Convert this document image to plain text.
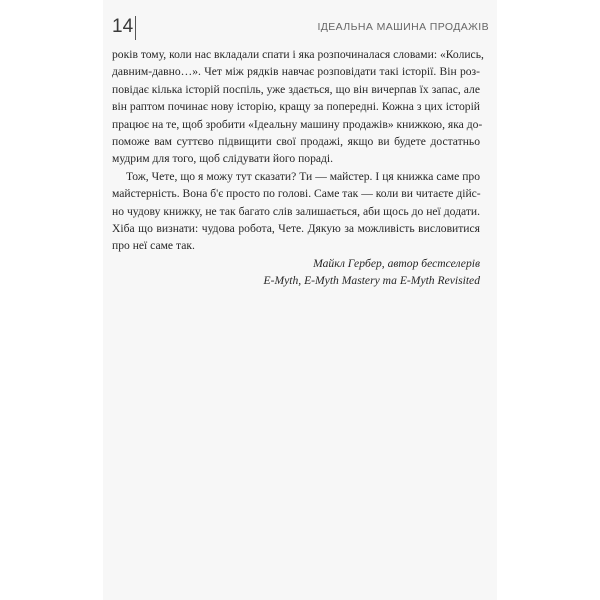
14	ІДЕАЛЬНА МАШИНА ПРОДАЖІВ
років тому, коли нас вкладали спати і яка розпочиналася словами: «Колись,
давним-давно…». Чет між рядків навчає розповідати такі історії. Він роз-
повідає кілька історій поспіль, уже здається, що він вичерпав їх запас, але
він раптом починає нову історію, кращу за попередні. Кожна з цих історій
працює на те, щоб зробити «Ідеальну машину продажів» книжкою, яка до-
поможе вам суттєво підвищити свої продажі, якщо ви будете достатньо
мудрим для того, щоб слідувати його пораді.
Тож, Чете, що я можу тут сказати? Ти — майстер. І ця книжка саме про
майстерність. Вона б'є просто по голові. Саме так — коли ви читаєте дійс-
но чудову книжку, не так багато слів залишається, аби щось до неї додати.
Хіба що визнати: чудова робота, Чете. Дякую за можливість висловитися
про неї саме так.
Майкл Гербер, автор бестселерів
E-Myth, E-Myth Mastery та E-Myth Revisited
